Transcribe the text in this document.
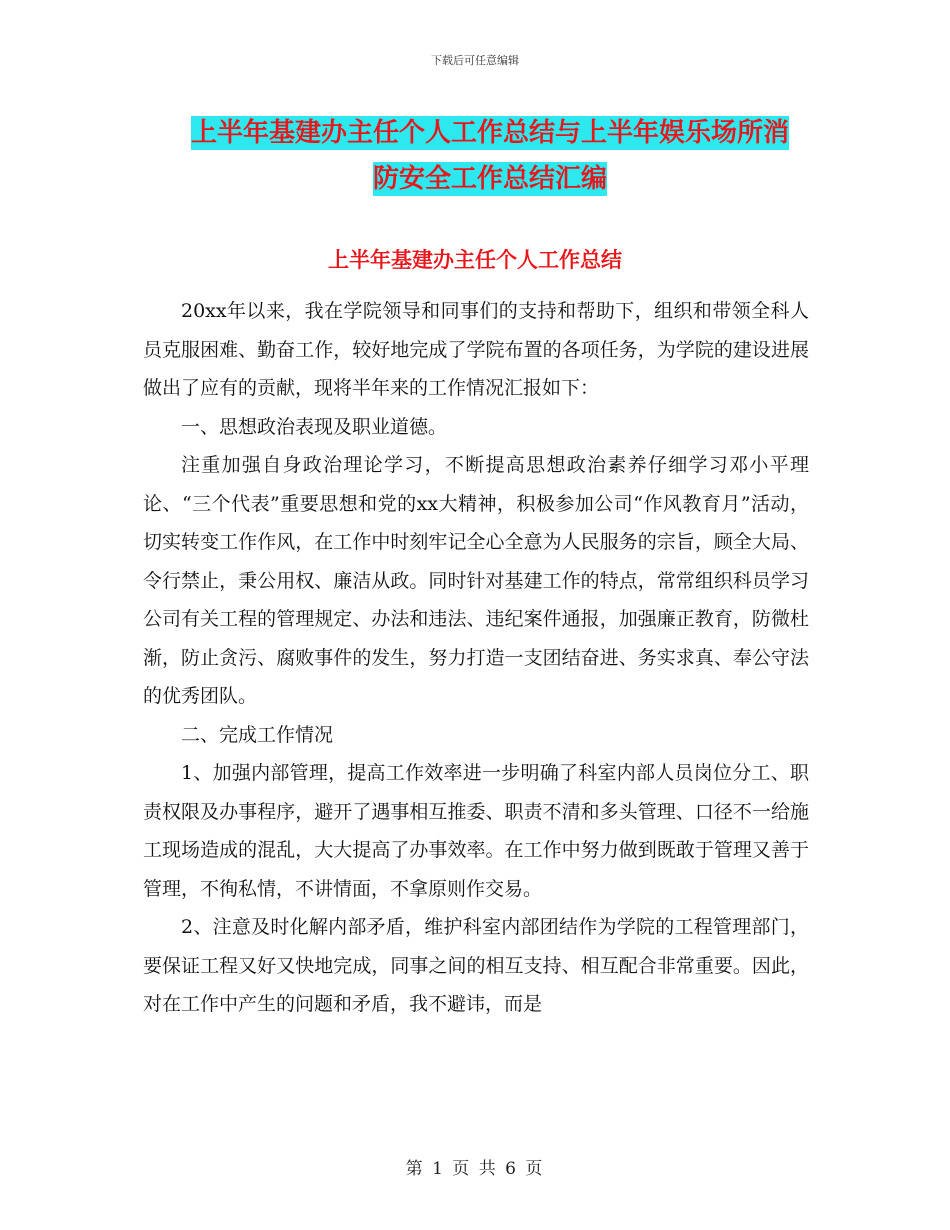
下载后可任意编辑
上半年基建办主任个人工作总结与上半年娱乐场所消
防安全工作总结汇编
上半年基建办主任个人工作总结

20xx年以来，我在学院领导和同事们的支持和帮助下，组织和带领全科人员克服困难、勤奋工作，较好地完成了学院布置的各项任务，为学院的建设进展做出了应有的贡献，现将半年来的工作情况汇报如下：

一、思想政治表现及职业道德。

注重加强自身政治理论学习，不断提高思想政治素养仔细学习邓小平理论、“三个代表”重要思想和党的xx大精神，积极参加公司“作风教育月”活动，切实转变工作作风，在工作中时刻牢记全心全意为人民服务的宗旨，顾全大局、令行禁止，秉公用权、廉洁从政。同时针对基建工作的特点，常常组织科员学习公司有关工程的管理规定、办法和违法、违纪案件通报，加强廉正教育，防微杜渐，防止贪污、腐败事件的发生，努力打造一支团结奋进、务实求真、奉公守法的优秀团队。

二、完成工作情况

1、加强内部管理，提高工作效率进一步明确了科室内部人员岗位分工、职责权限及办事程序，避开了遇事相互推委、职责不清和多头管理、口径不一给施工现场造成的混乱，大大提高了办事效率。在工作中努力做到既敢于管理又善于管理，不徇私情，不讲情面，不拿原则作交易。

2、注意及时化解内部矛盾，维护科室内部团结作为学院的工程管理部门，要保证工程又好又快地完成，同事之间的相互支持、相互配合非常重要。因此，对在工作中产生的问题和矛盾，我不避讳，而是

第 1 页 共 6 页
